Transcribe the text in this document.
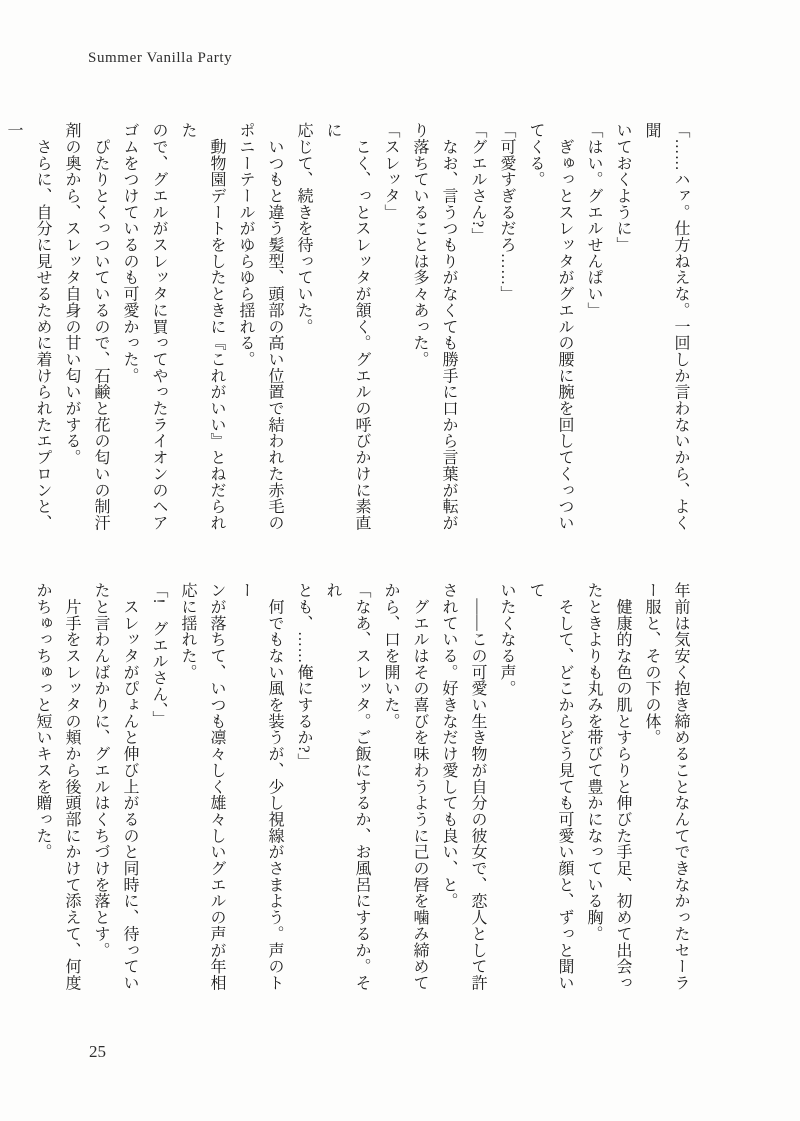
Summer Vanilla Party

「……ハァ。仕方ねえな。一回しか言わないから、よく聞

いておくように」

「はい。グエルせんぱい」

　ぎゅっとスレッタがグエルの腰に腕を回してくっつい

てくる。

「可愛すぎるだろ……」

「グエルさん?」

　なお、言うつもりがなくても勝手に口から言葉が転が

り落ちていることは多々あった。

「スレッタ」

　こく、っとスレッタが頷く。グエルの呼びかけに素直に

応じて、続きを待っていた。

　いつもと違う髪型、頭部の高い位置で結われた赤毛の

ポニーテールがゆらゆら揺れる。

　動物園デートをしたときに『これがいい』とねだられた

ので、グエルがスレッタに買ってやったライオンのヘア

ゴムをつけているのも可愛かった。

　ぴたりとくっついているので、石鹸と花の匂いの制汗

剤の奥から、スレッタ自身の甘い匂いがする。

　さらに、自分に見せるために着けられたエプロンと、一

年前は気安く抱き締めることなんてできなかったセーラ

ー服と、その下の体。

　健康的な色の肌とすらりと伸びた手足、初めて出会っ

たときよりも丸みを帯びて豊かになっている胸。

　そして、どこからどう見ても可愛い顔と、ずっと聞いて

いたくなる声。

　――この可愛い生き物が自分の彼女で、恋人として許

されている。好きなだけ愛しても良い、と。

　グエルはその喜びを味わうように己の唇を噛み締めて

から、口を開いた。

「なあ、スレッタ。ご飯にするか、お風呂にするか。それ

とも、……俺にするか?」

　何でもない風を装うが、少し視線がさまよう。声のトー

ンが落ちて、いつも凛々しく雄々しいグエルの声が年相

応に揺れた。

「!　グエルさん、」

　スレッタがぴょんと伸び上がるのと同時に、待ってい

たと言わんばかりに、グエルはくちづけを落とす。

　片手をスレッタの頬から後頭部にかけて添えて、何度

かちゅっちゅっと短いキスを贈った。

25
